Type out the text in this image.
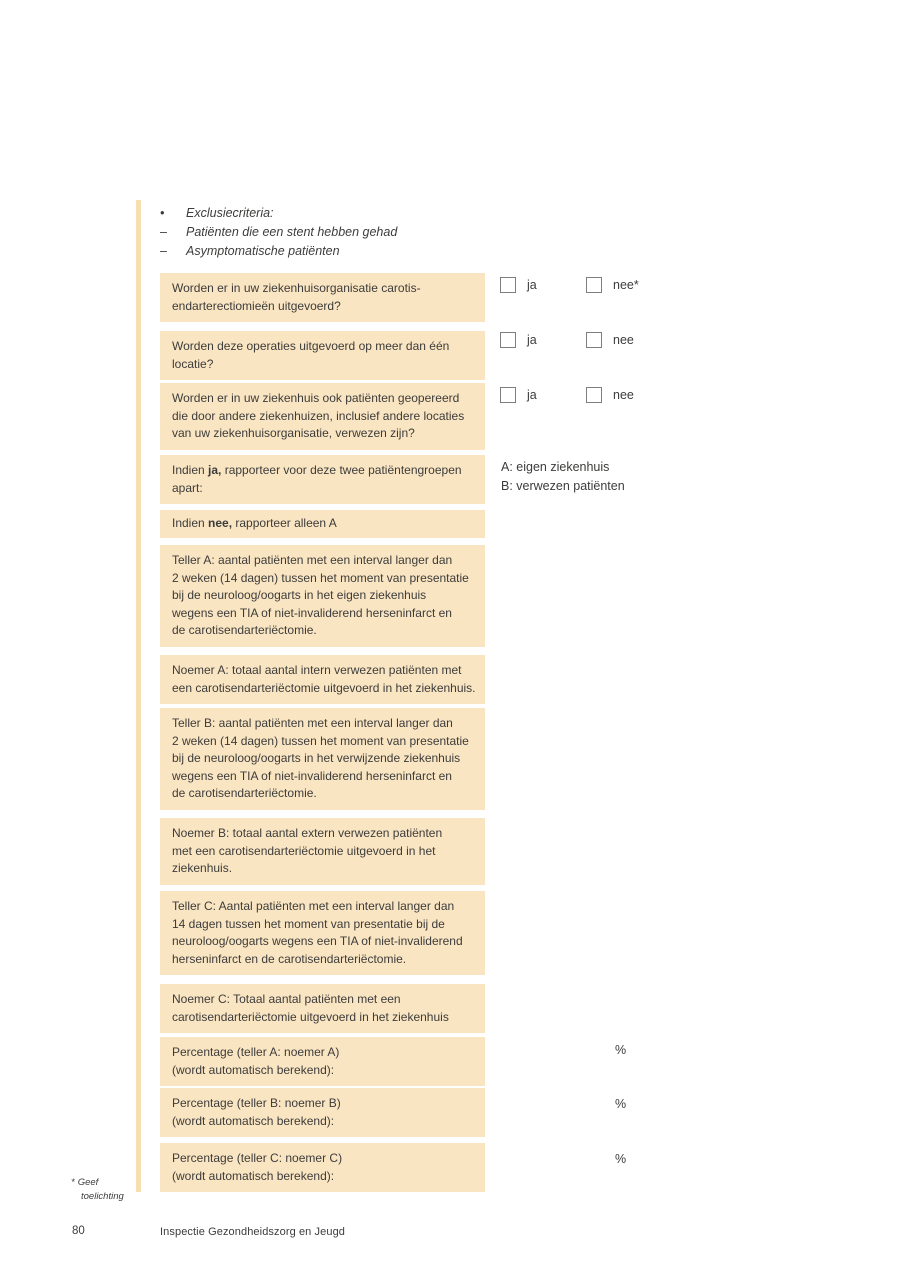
•	Exclusiecriteria:
–	Patiënten die een stent hebben gehad
–	Asymptomatische patiënten
Worden er in uw ziekenhuisorganisatie carotis-
endarterectiomieën uitgevoerd?
ja	nee*
Worden deze operaties uitgevoerd op meer dan één
locatie?
ja	nee
Worden er in uw ziekenhuis ook patiënten geopereerd
die door andere ziekenhuizen, inclusief andere locaties
van uw ziekenhuisorganisatie, verwezen zijn?
ja	nee
Indien ja, rapporteer voor deze twee patiëntengroepen
apart:
A: eigen ziekenhuis
B: verwezen patiënten
Indien nee, rapporteer alleen A
Teller A: aantal patiënten met een interval langer dan
2 weken (14 dagen) tussen het moment van presentatie
bij de neuroloog/oogarts in het eigen ziekenhuis
wegens een TIA of niet-invaliderend herseninfarct en
de carotisendarteriëctomie.
Noemer A: totaal aantal intern verwezen patiënten met
een carotisendarteriëctomie uitgevoerd in het ziekenhuis.
Teller B: aantal patiënten met een interval langer dan
2 weken (14 dagen) tussen het moment van presentatie
bij de neuroloog/oogarts in het verwijzende ziekenhuis
wegens een TIA of niet-invaliderend herseninfarct en
de carotisendarteriëctomie.
Noemer B: totaal aantal extern verwezen patiënten
met een carotisendarteriëctomie uitgevoerd in het
ziekenhuis.
Teller C: Aantal patiënten met een interval langer dan
14 dagen tussen het moment van presentatie bij de
neuroloog/oogarts wegens een TIA of niet-invaliderend
herseninfarct en de carotisendarteriëctomie.
Noemer C: Totaal aantal patiënten met een
carotisendarteriëctomie uitgevoerd in het ziekenhuis
Percentage (teller A: noemer A)
(wordt automatisch berekend):
%
Percentage (teller B: noemer B)
(wordt automatisch berekend):
%
Percentage (teller C: noemer C)
(wordt automatisch berekend):
%
* Geef
toelichting
80	Inspectie Gezondheidszorg en Jeugd
